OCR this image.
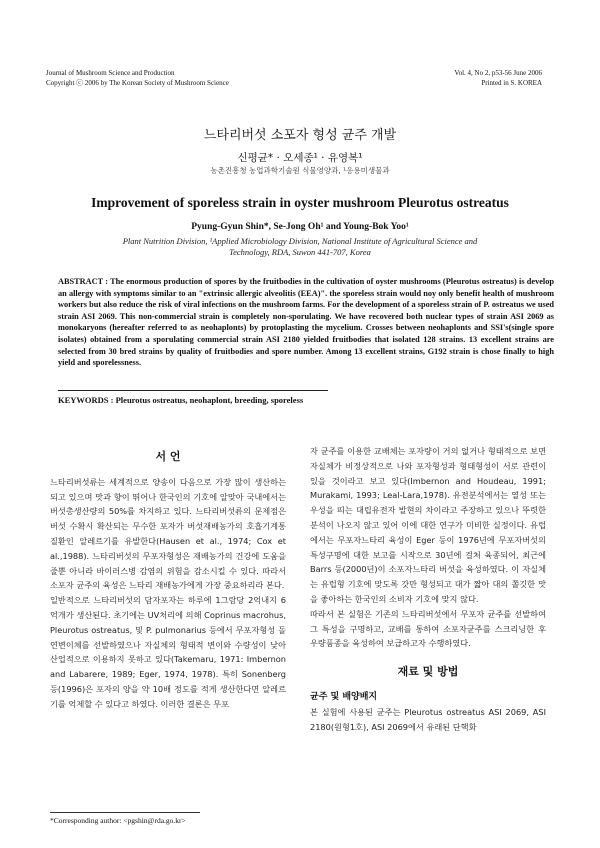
Journal of Mushroom Science and Production
Copyright ⓒ 2006 by The Korean Society of Mushroom Science
Vol. 4, No 2, p53-56 June 2006
Printed in S. KOREA
느타리버섯 소포자 형성 균주 개발
신평균* · 오세종¹ · 유영복¹
농촌진흥청 농업과학기술원 식물영양과, ¹응용미생물과
Improvement of sporeless strain in oyster mushroom Pleurotus ostreatus
Pyung-Gyun Shin*, Se-Jong Oh¹ and Young-Bok Yoo¹
Plant Nutrition Division, ¹Applied Microbiology Division, National Institute of Agricultural Science and
Technology, RDA, Suwon 441-707, Korea
ABSTRACT : The enormous production of spores by the fruitbodies in the cultivation of oyster mushrooms (Pleurotus ostreatus) is develop an allergy with symptoms similar to an "extrinsic allergic alveolitis (EEA)". the sporeless strain would noy only benefit health of mushroom workers but also reduce the risk of viral infections on the mushroom farms. For the development of a sporeless strain of P. ostreatus we used strain ASI 2069. This non-commercial strain is completely non-sporulating. We have recovered both nuclear types of strain ASI 2069 as monokaryons (hereafter referred to as neohaplonts) by protoplasting the mycelium. Crosses between neohaplonts and SSI's(single spore isolates) obtained from a sporulating commercial strain ASI 2180 yielded fruitbodies that isolated 128 strains. 13 excellent strains are selected from 30 bred strains by quality of fruitbodies and spore number. Among 13 excellent strains, G192 strain is chose finally to high yield and sporelessness.
KEYWORDS : Pleurotus ostreatus, neohaplont, breeding, sporeless
서 언

느타리버섯류는 세계적으로 양송이 다음으로 가장 많이 생산하는 되고 있으며 맛과 향이 뛰어나 한국인의 기호에 알맞아 국내에서는 버섯총생산량의 50%를 차지하고 있다. 느타리버섯류의 문제점은 버섯 수확시 확산되는 무수한 포자가 버섯재배농가의 호흡기계통질환인 알레르기를 유발한다(Hausen et al., 1974; Cox et al.,1988). 느타리버섯의 무포자형성은 재배농가의 건강에 도움을 줄뿐 아니라 바이러스병 감염의 위험을 감소시킬 수 있다. 따라서 소포자 균주의 육성은 느타리 재배농가에게 가장 중요하리라 본다.

일반적으로 느타리버섯의 담자포자는 하루에 1그람당 2억내지 6억개가 생산된다. 초기에는 UV처리에 의해 Coprinus macrohus, Pleurotus ostreatus, 및 P. pulmonarius 등에서 무포자형성 돌연변이체를 선발하였으나 자실체의 형태적 변이와 수량성이 낮아 산업적으로 이용하지 못하고 있다(Takemaru, 1971: Imbernon and Labarere, 1989; Eger, 1974, 1978). 특히 Sonenberg 등(1996)은 포자의 양을 약 10배 정도를 적게 생산한다면 알레르기를 억제할 수 있다고 하였다. 이러한 결론은 무포

자 균주를 이용한 교배체는 포자량이 거의 없거나 형태적으로 보면 자실체가 비정상적으로 나와 포자형성과 형태형성이 서로 관련이 있을 것이라고 보고 있다(Imbernon and Houdeau, 1991; Murakami, 1993; Leal-Lara,1978). 유전분석에서는 열성 또는 우성을 띄는 대립유전자 발현의 차이라고 주장하고 있으나 뚜렷한 분석이 나오지 않고 있어 이에 대한 연구가 미비한 실정이다. 유럽에서는 무포자느타리 육성이 Eger 등이 1976년에 무포자버섯의 특성구명에 대한 보고를 시작으로 30년에 걸쳐 육종되어, 최근에 Barrs 등(2000년)이 소포자느타리 버섯을 육성하였다. 이 자실체는 유럽형 기호에 맞도록 갓만 형성되고 대가 짧아 대의 쫄깃한 맛을 좋아하는 한국인의 소비자 기호에 맞지 않다.

따라서 본 실험은 기존의 느타리버섯에서 무포자 균주를 선발하여 그 특성을 구명하고, 교배를 통하여 소포자균주를 스크리닝한 후 우량품종을 육성하여 보급하고자 수행하였다.

재료 및 방법
균주 및 배양배지

본 실험에 사용된 균주는 Pleurotus ostreatus ASI 2069, ASI 2180(원형1호), ASI 2069에서 유래된 단핵화

*Corresponding author: <pgshin@rda.go.kr>
